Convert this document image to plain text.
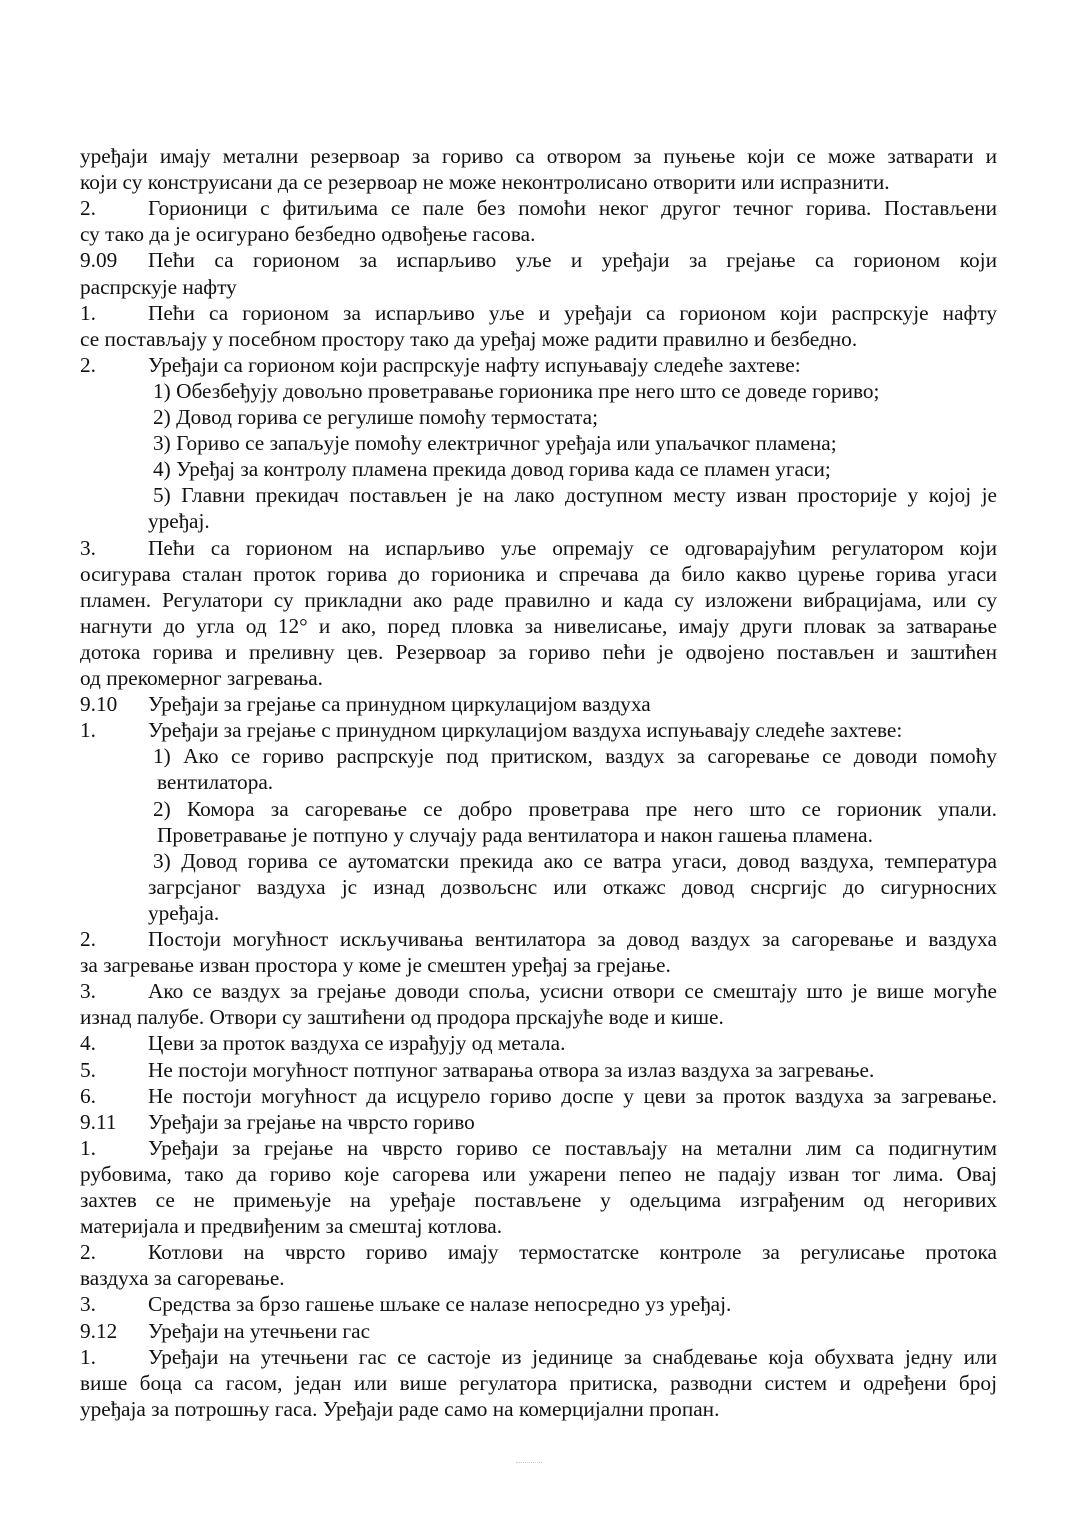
уређаји имају метални резервоар за гориво са отвором за пуњење који се може затварати и
који су конструисани да се резервоар не може неконтролисано отворити или испразнити.
2. Горионици с фитиљима се пале без помоћи неког другог течног горива. Постављени
су тако да је осигурано безбедно одвођење гасова.
9.09 Пећи са горионом за испарљиво уље и уређаји за грејање са горионом који
распрскује нафту
1. Пећи са горионом за испарљиво уље и уређаји са горионом који распрскује нафту
се постављају у посебном простору тако да уређај може радити правилно и безбедно.
2. Уређаји са горионом који распрскује нафту испуњавају следеће захтеве:
1) Обезбеђују довољно проветравање гориoника пре него што се доведе гориво;
2) Довод горива се регулише помоћу термостата;
3) Гориво се запаљује помоћу електричног уређаја или упаљачког пламена;
4) Уређај за контролу пламена прекида довод горива када се пламен угаси;
5) Главни прекидач постављен је на лако доступном месту изван просторије у којој је
уређај.
3. Пећи са горионом на испарљиво уље опремају се одговарајућим регулатором који
осигурава сталан проток горива до гориoника и спречава да било какво цурење горива угаси
пламен. Регулатори су прикладни ако раде правилно и када су изложени вибрацијама, или су
нагнути до угла од 12° и ако, поред пловка за нивелисање, имају други пловак за затварање
дотока горива и преливну цев. Резервоар за гориво пећи је одвојено постављен и заштићен
од прекомерног загревања.
9.10 Уређаји за грејање са принудном циркулацијом ваздуха
1. Уређаји за грејање с принудном циркулацијом ваздуха испуњавају следеће захтеве:
1) Ако се гориво распрскује под притиском, ваздух за сагоревање се доводи помоћу
вентилатора.
2) Комора за сагоревање се добро проветрава пре него што се горионик упали.
Проветравање је потпуно у случају рада вентилатора и након гашења пламена.
3) Довод горива се аутоматски прекида ако се ватра угаси, довод ваздуха, температура
загрсјаног ваздуха јс изнад дозвољснс или откажс довод снсргијс до сигурносних
уређаја.
2. Постоји могућност искључивања вентилатора за довод ваздух за сагоревање и ваздуха
за загревање изван простора у коме је смештен уређај за грејање.
3. Ако се ваздух за грејање доводи споља, усисни отвори се смештају што је више могуће
изнад палубе. Отвори су заштићени од продора прскајуће воде и кише.
4. Цеви за проток ваздуха се израђују од метала.
5. Не постоји могућност потпуног затварања отвора за излаз ваздуха за загревање.
6. Не постоји могућност да исцурело гориво доспе у цеви за проток ваздуха за загревање.
9.11 Уређаји за грејање на чврсто гориво
1. Уређаји за грејање на чврсто гориво се постављају на метални лим са подигнутим
рубовима, тако да гориво које сагорева или ужарени пепео не падају изван тог лима. Овај
захтев се не примењује на уређаје постављене у одељцима изграђеним од негоривих
материјала и предвиђеним за смештај котлова.
2. Котлови на чврсто гориво имају термостатске контроле за регулисање протока
ваздуха за сагоревање.
3. Средства за брзо гашење шљаке се налазе непосредно уз уређај.
9.12 Уређаји на утечњени гас
1. Уређаји на утечњени гас се састоје из јединице за снабдевање која обухвата једну или
више боца са гасом, један или више регулатора притиска, разводни систем и одређени број
уређаја за потрошњу гаса. Уређаји раде само на комерцијални пропан.
